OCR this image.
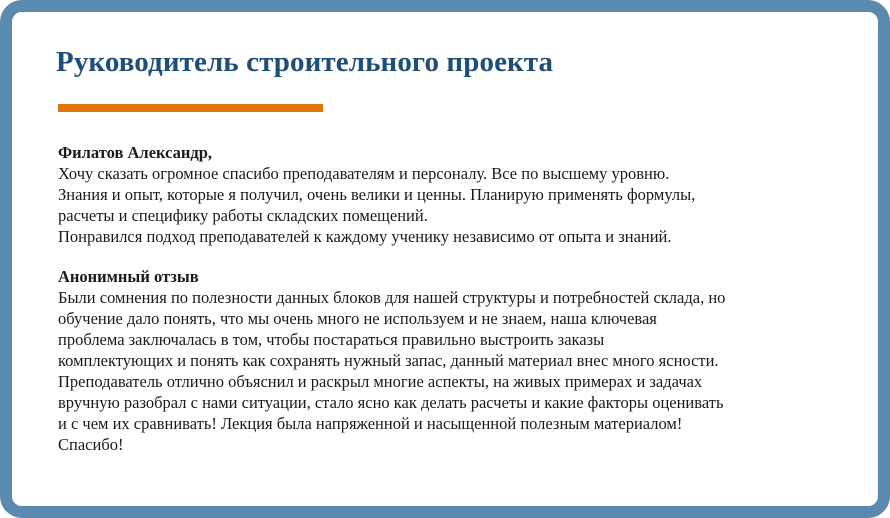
Руководитель строительного проекта

Филатов Александр,

Хочу сказать огромное спасибо преподавателям и персоналу. Все по высшему уровню.
Знания и опыт, которые я получил, очень велики и ценны. Планирую применять формулы,
расчеты и специфику работы складских помещений.
Понравился подход преподавателей к каждому ученику независимо от опыта и знаний.

Анонимный отзыв

Были сомнения по полезности данных блоков для нашей структуры и потребностей склада, но
обучение дало понять, что мы очень много не используем и не знаем, наша ключевая
проблема заключалась в том, чтобы постараться правильно выстроить заказы
комплектующих и понять как сохранять нужный запас, данный материал внес много ясности.
Преподаватель отлично объяснил и раскрыл многие аспекты, на живых примерах и задачах
вручную разобрал с нами ситуации, стало ясно как делать расчеты и какие факторы оценивать
и с чем их сравнивать! Лекция была напряженной и насыщенной полезным материалом!
Спасибо!
